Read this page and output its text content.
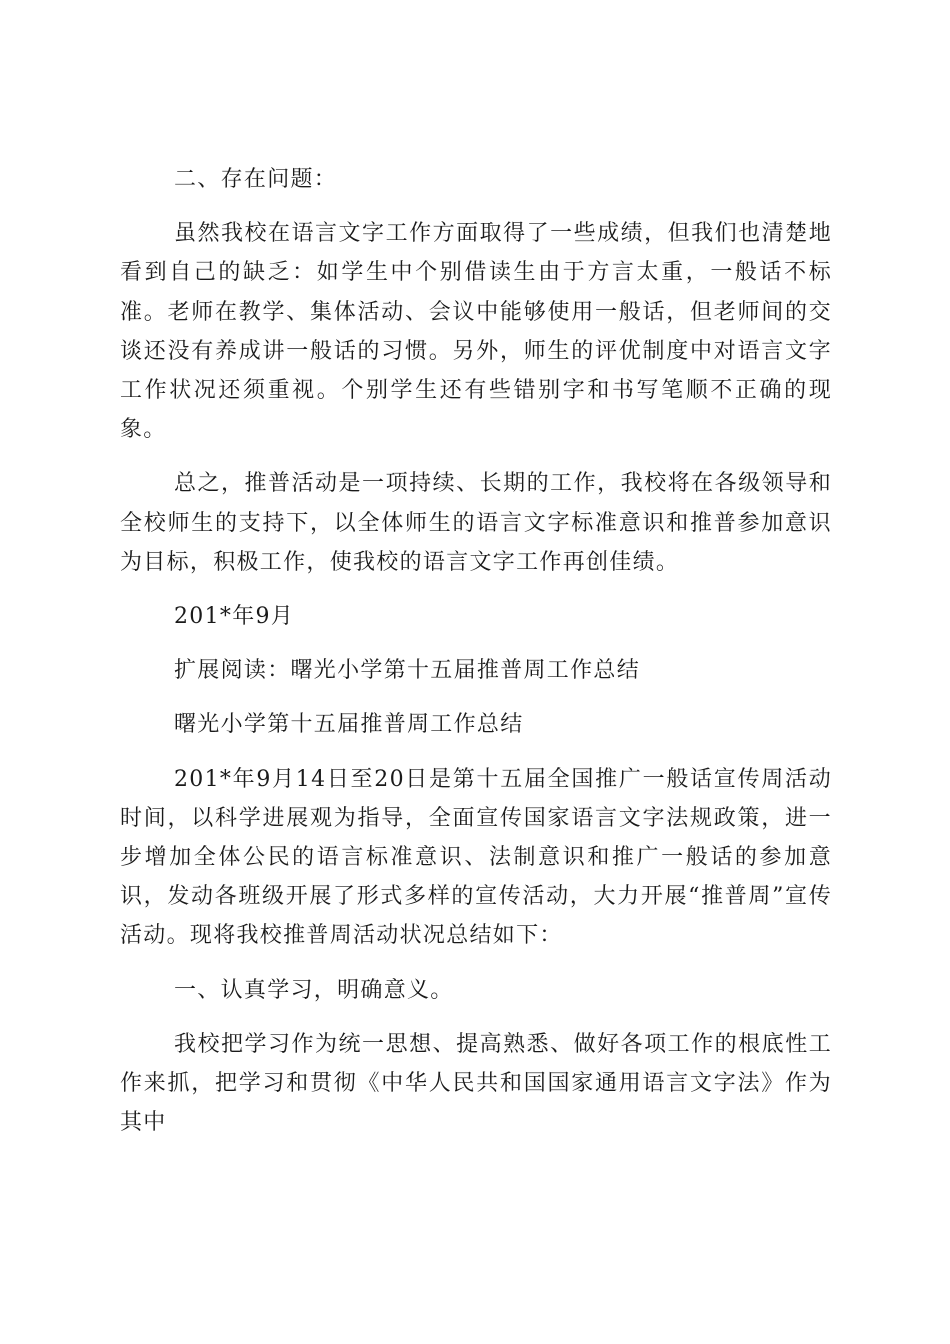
二、存在问题：

虽然我校在语言文字工作方面取得了一些成绩，但我们也清楚地看到自己的缺乏：如学生中个别借读生由于方言太重，一般话不标准。老师在教学、集体活动、会议中能够使用一般话，但老师间的交谈还没有养成讲一般话的习惯。另外，师生的评优制度中对语言文字工作状况还须重视。个别学生还有些错别字和书写笔顺不正确的现象。

总之，推普活动是一项持续、长期的工作，我校将在各级领导和全校师生的支持下，以全体师生的语言文字标准意识和推普参加意识为目标，积极工作，使我校的语言文字工作再创佳绩。

201*年9月

扩展阅读：曙光小学第十五届推普周工作总结

曙光小学第十五届推普周工作总结

201*年9月14日至20日是第十五届全国推广一般话宣传周活动时间，以科学进展观为指导，全面宣传国家语言文字法规政策，进一步增加全体公民的语言标准意识、法制意识和推广一般话的参加意识，发动各班级开展了形式多样的宣传活动，大力开展“推普周”宣传活动。现将我校推普周活动状况总结如下：

一、认真学习，明确意义。

我校把学习作为统一思想、提高熟悉、做好各项工作的根底性工作来抓，把学习和贯彻《中华人民共和国国家通用语言文字法》作为其中
